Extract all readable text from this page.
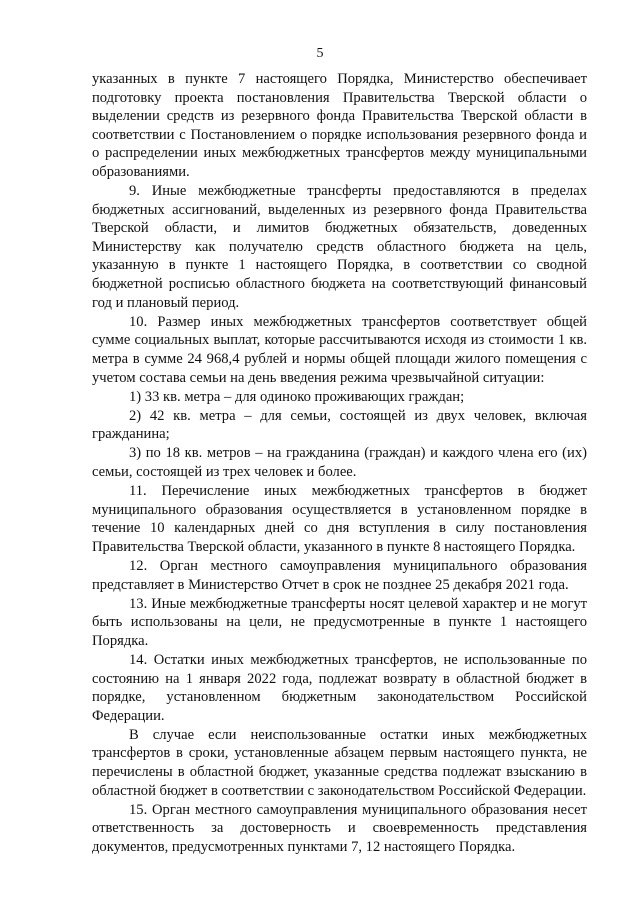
5

указанных в пункте 7 настоящего Порядка, Министерство обеспечивает подготовку проекта постановления Правительства Тверской области о выделении средств из резервного фонда Правительства Тверской области в соответствии с Постановлением о порядке использования резервного фонда и о распределении иных межбюджетных трансфертов между муниципальными образованиями.

9. Иные межбюджетные трансферты предоставляются в пределах бюджетных ассигнований, выделенных из резервного фонда Правительства Тверской области, и лимитов бюджетных обязательств, доведенных Министерству как получателю средств областного бюджета на цель, указанную в пункте 1 настоящего Порядка, в соответствии со сводной бюджетной росписью областного бюджета на соответствующий финансовый год и плановый период.

10. Размер иных межбюджетных трансфертов соответствует общей сумме социальных выплат, которые рассчитываются исходя из стоимости 1 кв. метра в сумме 24 968,4 рублей и нормы общей площади жилого помещения с учетом состава семьи на день введения режима чрезвычайной ситуации:

1) 33 кв. метра – для одиноко проживающих граждан;

2) 42 кв. метра – для семьи, состоящей из двух человек, включая гражданина;

3) по 18 кв. метров – на гражданина (граждан) и каждого члена его (их) семьи, состоящей из трех человек и более.

11. Перечисление иных межбюджетных трансфертов в бюджет муниципального образования осуществляется в установленном порядке в течение 10 календарных дней со дня вступления в силу постановления Правительства Тверской области, указанного в пункте 8 настоящего Порядка.

12. Орган местного самоуправления муниципального образования представляет в Министерство Отчет в срок не позднее 25 декабря 2021 года.

13. Иные межбюджетные трансферты носят целевой характер и не могут быть использованы на цели, не предусмотренные в пункте 1 настоящего Порядка.

14. Остатки иных межбюджетных трансфертов, не использованные по состоянию на 1 января 2022 года, подлежат возврату в областной бюджет в порядке, установленном бюджетным законодательством Российской Федерации.

В случае если неиспользованные остатки иных межбюджетных трансфертов в сроки, установленные абзацем первым настоящего пункта, не перечислены в областной бюджет, указанные средства подлежат взысканию в областной бюджет в соответствии с законодательством Российской Федерации.

15. Орган местного самоуправления муниципального образования несет ответственность за достоверность и своевременность представления документов, предусмотренных пунктами 7, 12 настоящего Порядка.
